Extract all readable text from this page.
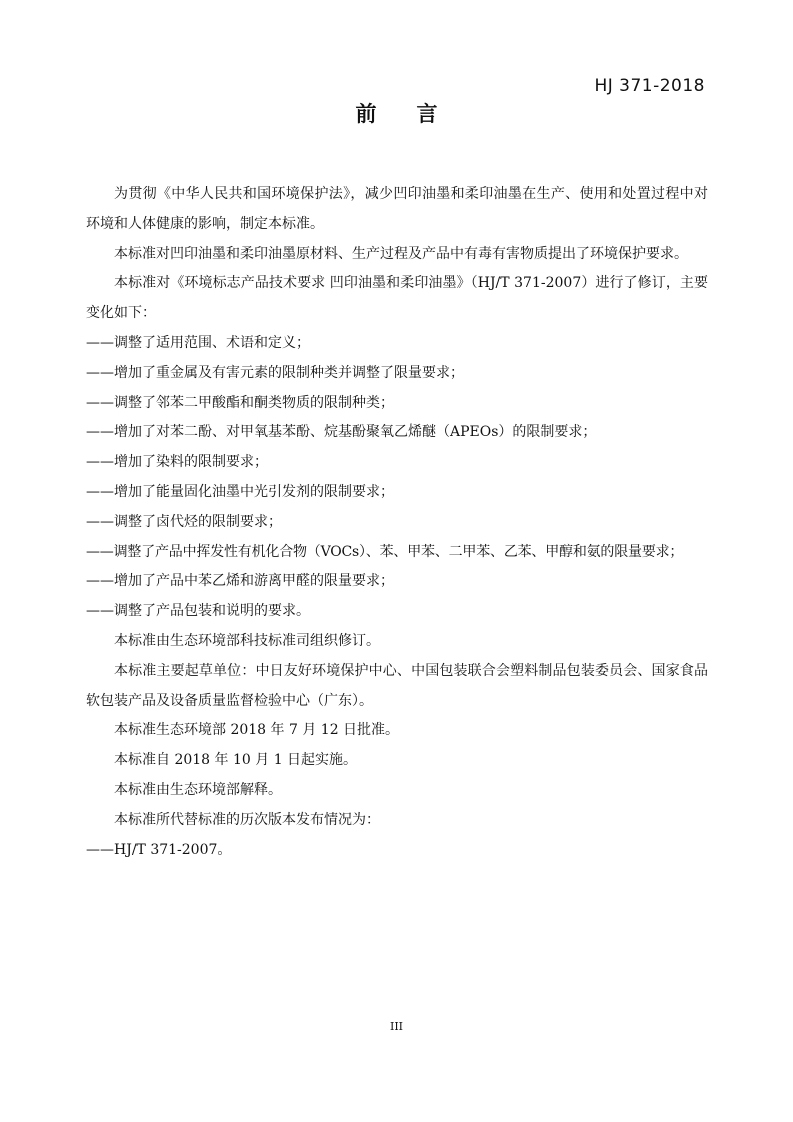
HJ 371-2018
前言

为贯彻《中华人民共和国环境保护法》，减少凹印油墨和柔印油墨在生产、使用和处置过程中对环境和人体健康的影响，制定本标准。

本标准对凹印油墨和柔印油墨原材料、生产过程及产品中有毒有害物质提出了环境保护要求。

本标准对《环境标志产品技术要求 凹印油墨和柔印油墨》（HJ/T 371-2007）进行了修订，主要变化如下：

——调整了适用范围、术语和定义；

——增加了重金属及有害元素的限制种类并调整了限量要求；

——调整了邻苯二甲酸酯和酮类物质的限制种类；

——增加了对苯二酚、对甲氧基苯酚、烷基酚聚氧乙烯醚（APEOs）的限制要求；

——增加了染料的限制要求；

——增加了能量固化油墨中光引发剂的限制要求；

——调整了卤代烃的限制要求；

——调整了产品中挥发性有机化合物（VOCs）、苯、甲苯、二甲苯、乙苯、甲醇和氨的限量要求；

——增加了产品中苯乙烯和游离甲醛的限量要求；

——调整了产品包装和说明的要求。

本标准由生态环境部科技标准司组织修订。

本标准主要起草单位：中日友好环境保护中心、中国包装联合会塑料制品包装委员会、国家食品软包装产品及设备质量监督检验中心（广东）。

本标准生态环境部 2018 年 7 月 12 日批准。

本标准自 2018 年 10 月 1 日起实施。

本标准由生态环境部解释。

本标准所代替标准的历次版本发布情况为：

——HJ/T 371-2007。

III
